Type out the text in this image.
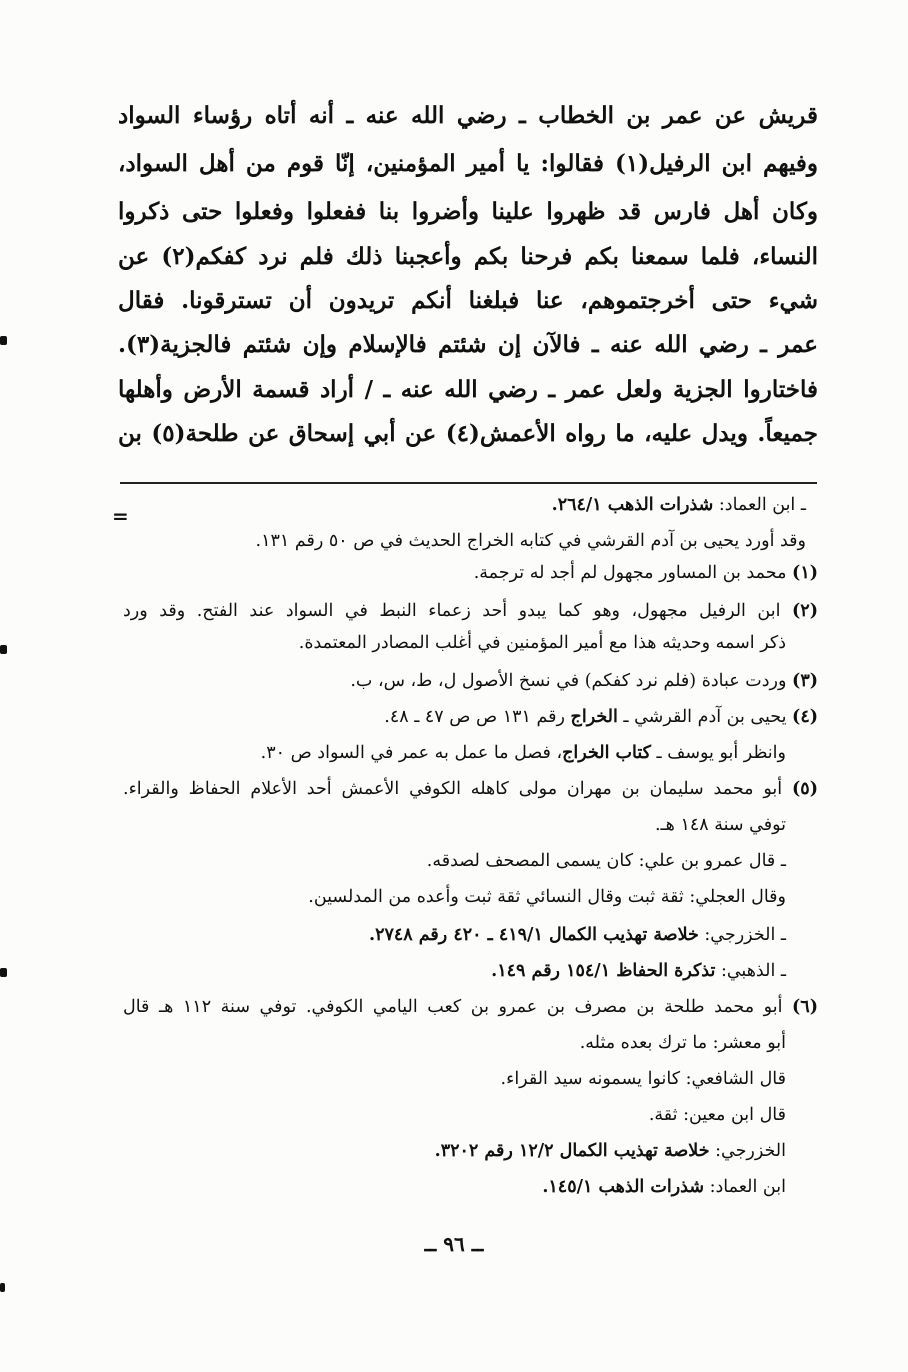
قريش عن عمر بن الخطاب ـ رضي الله عنه ـ أنه أتاه رؤساء السواد
وفيهم ابن الرفيل(١) فقالوا: يا أمير المؤمنين، إنّا قوم من أهل السواد،
وكان أهل فارس قد ظهروا علينا وأضروا بنا ففعلوا وفعلوا حتى ذكروا
النساء، فلما سمعنا بكم فرحنا بكم وأعجبنا ذلك فلم نرد كفكم(٢) عن
شيء حتى أخرجتموهم، عنا فبلغنا أنكم تريدون أن تسترقونا. فقال
عمر ـ رضي الله عنه ـ فالآن إن شئتم فالإسلام وإن شئتم فالجزية(٣).
فاختاروا الجزية ولعل عمر ـ رضي الله عنه ـ / أراد قسمة الأرض وأهلها
جميعاً. ويدل عليه، ما رواه الأعمش(٤) عن أبي إسحاق عن طلحة(٥) بن
=	ـ ابن العماد: شذرات الذهب ٢٦٤/١.
وقد أورد يحيى بن آدم القرشي في كتابه الخراج الحديث في ص ٥٠ رقم ١٣١.
(١) محمد بن المساور مجهول لم أجد له ترجمة.
(٢) ابن الرفيل مجهول، وهو كما يبدو أحد زعماء النبط في السواد عند الفتح. وقد ورد
ذكر اسمه وحديثه هذا مع أمير المؤمنين في أغلب المصادر المعتمدة.
(٣) وردت عبادة (فلم نرد كفكم) في نسخ الأصول ل، ط، س، ب.
(٤) يحيى بن آدم القرشي ـ الخراج رقم ١٣١ ص ص ٤٧ ـ ٤٨.
وانظر أبو يوسف ـ كتاب الخراج، فصل ما عمل به عمر في السواد ص ٣٠.
(٥) أبو محمد سليمان بن مهران مولى كاهله الكوفي الأعمش أحد الأعلام الحفاظ والقراء.
توفي سنة ١٤٨ هـ.
ـ قال عمرو بن علي: كان يسمى المصحف لصدقه.
وقال العجلي: ثقة ثبت وقال النسائي ثقة ثبت وأعده من المدلسين.
ـ الخزرجي: خلاصة تهذيب الكمال ٤١٩/١ ـ ٤٢٠ رقم ٢٧٤٨.
ـ الذهبي: تذكرة الحفاظ ١٥٤/١ رقم ١٤٩.
(٦) أبو محمد طلحة بن مصرف بن عمرو بن كعب اليامي الكوفي. توفي سنة ١١٢ هـ قال
أبو معشر: ما ترك بعده مثله.
قال الشافعي: كانوا يسمونه سيد القراء.
قال ابن معين: ثقة.
الخزرجي: خلاصة تهذيب الكمال ١٢/٢ رقم ٣٢٠٢.
ابن العماد: شذرات الذهب ١٤٥/١.
ــ ٩٦ ــ
